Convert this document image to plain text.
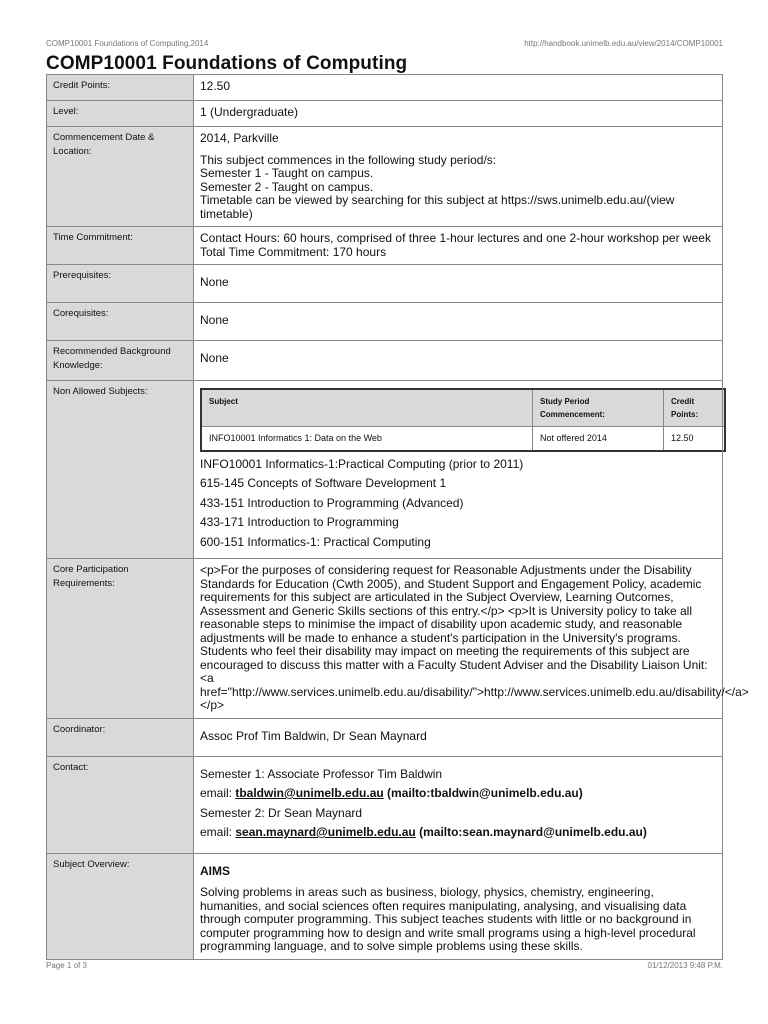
COMP10001 Foundations of Computing,2014	http://handbook.unimelb.edu.au/view/2014/COMP10001
COMP10001 Foundations of Computing
Credit Points:	12.50
Level:	1 (Undergraduate)
Commencement Date & Location:	
2014, Parkville
This subject commences in the following study period/s:
Semester 1 - Taught on campus.
Semester 2 - Taught on campus.
Timetable can be viewed by searching for this subject at https://sws.unimelb.edu.au/(view timetable)

Time Commitment:	Contact Hours: 60 hours, comprised of three 1-hour lectures and one 2-hour workshop per week Total Time Commitment: 170 hours
Prerequisites:	None
Corequisites:	None
Recommended Background Knowledge:	None
Non Allowed Subjects:	
Subject	Study Period Commencement:	Credit Points:
INFO10001 Informatics 1: Data on the Web	Not offered 2014	12.50
INFO10001 Informatics-1:Practical Computing (prior to 2011)
615-145 Concepts of Software Development 1
433-151 Introduction to Programming (Advanced)
433-171 Introduction to Programming
600-151 Informatics-1: Practical Computing

Core Participation Requirements:	<p>For the purposes of considering request for Reasonable Adjustments under the Disability Standards for Education (Cwth 2005), and Student Support and Engagement Policy, academic requirements for this subject are articulated in the Subject Overview, Learning Outcomes, Assessment and Generic Skills sections of this entry.</p> <p>It is University policy to take all reasonable steps to minimise the impact of disability upon academic study, and reasonable adjustments will be made to enhance a student's participation in the University's programs. Students who feel their disability may impact on meeting the requirements of this subject are encouraged to discuss this matter with a Faculty Student Adviser and the Disability Liaison Unit: <a href="http://www.services.unimelb.edu.au/disability/">http://www.services.unimelb.edu.au/disability/</a></p>
Coordinator:	Assoc Prof Tim Baldwin, Dr Sean Maynard
Contact:	Semester 1: Associate Professor Tim Baldwin
email: tbaldwin@unimelb.edu.au (mailto:tbaldwin@unimelb.edu.au)
Semester 2: Dr Sean Maynard
email: sean.maynard@unimelb.edu.au (mailto:sean.maynard@unimelb.edu.au)

Subject Overview:	AIMS
Solving problems in areas such as business, biology, physics, chemistry, engineering, humanities, and social sciences often requires manipulating, analysing, and visualising data through computer programming. This subject teaches students with little or no background in computer programming how to design and write small programs using a high-level procedural programming language, and to solve simple problems using these skills.
Page 1 of 3	01/12/2013 9:48 P.M.
